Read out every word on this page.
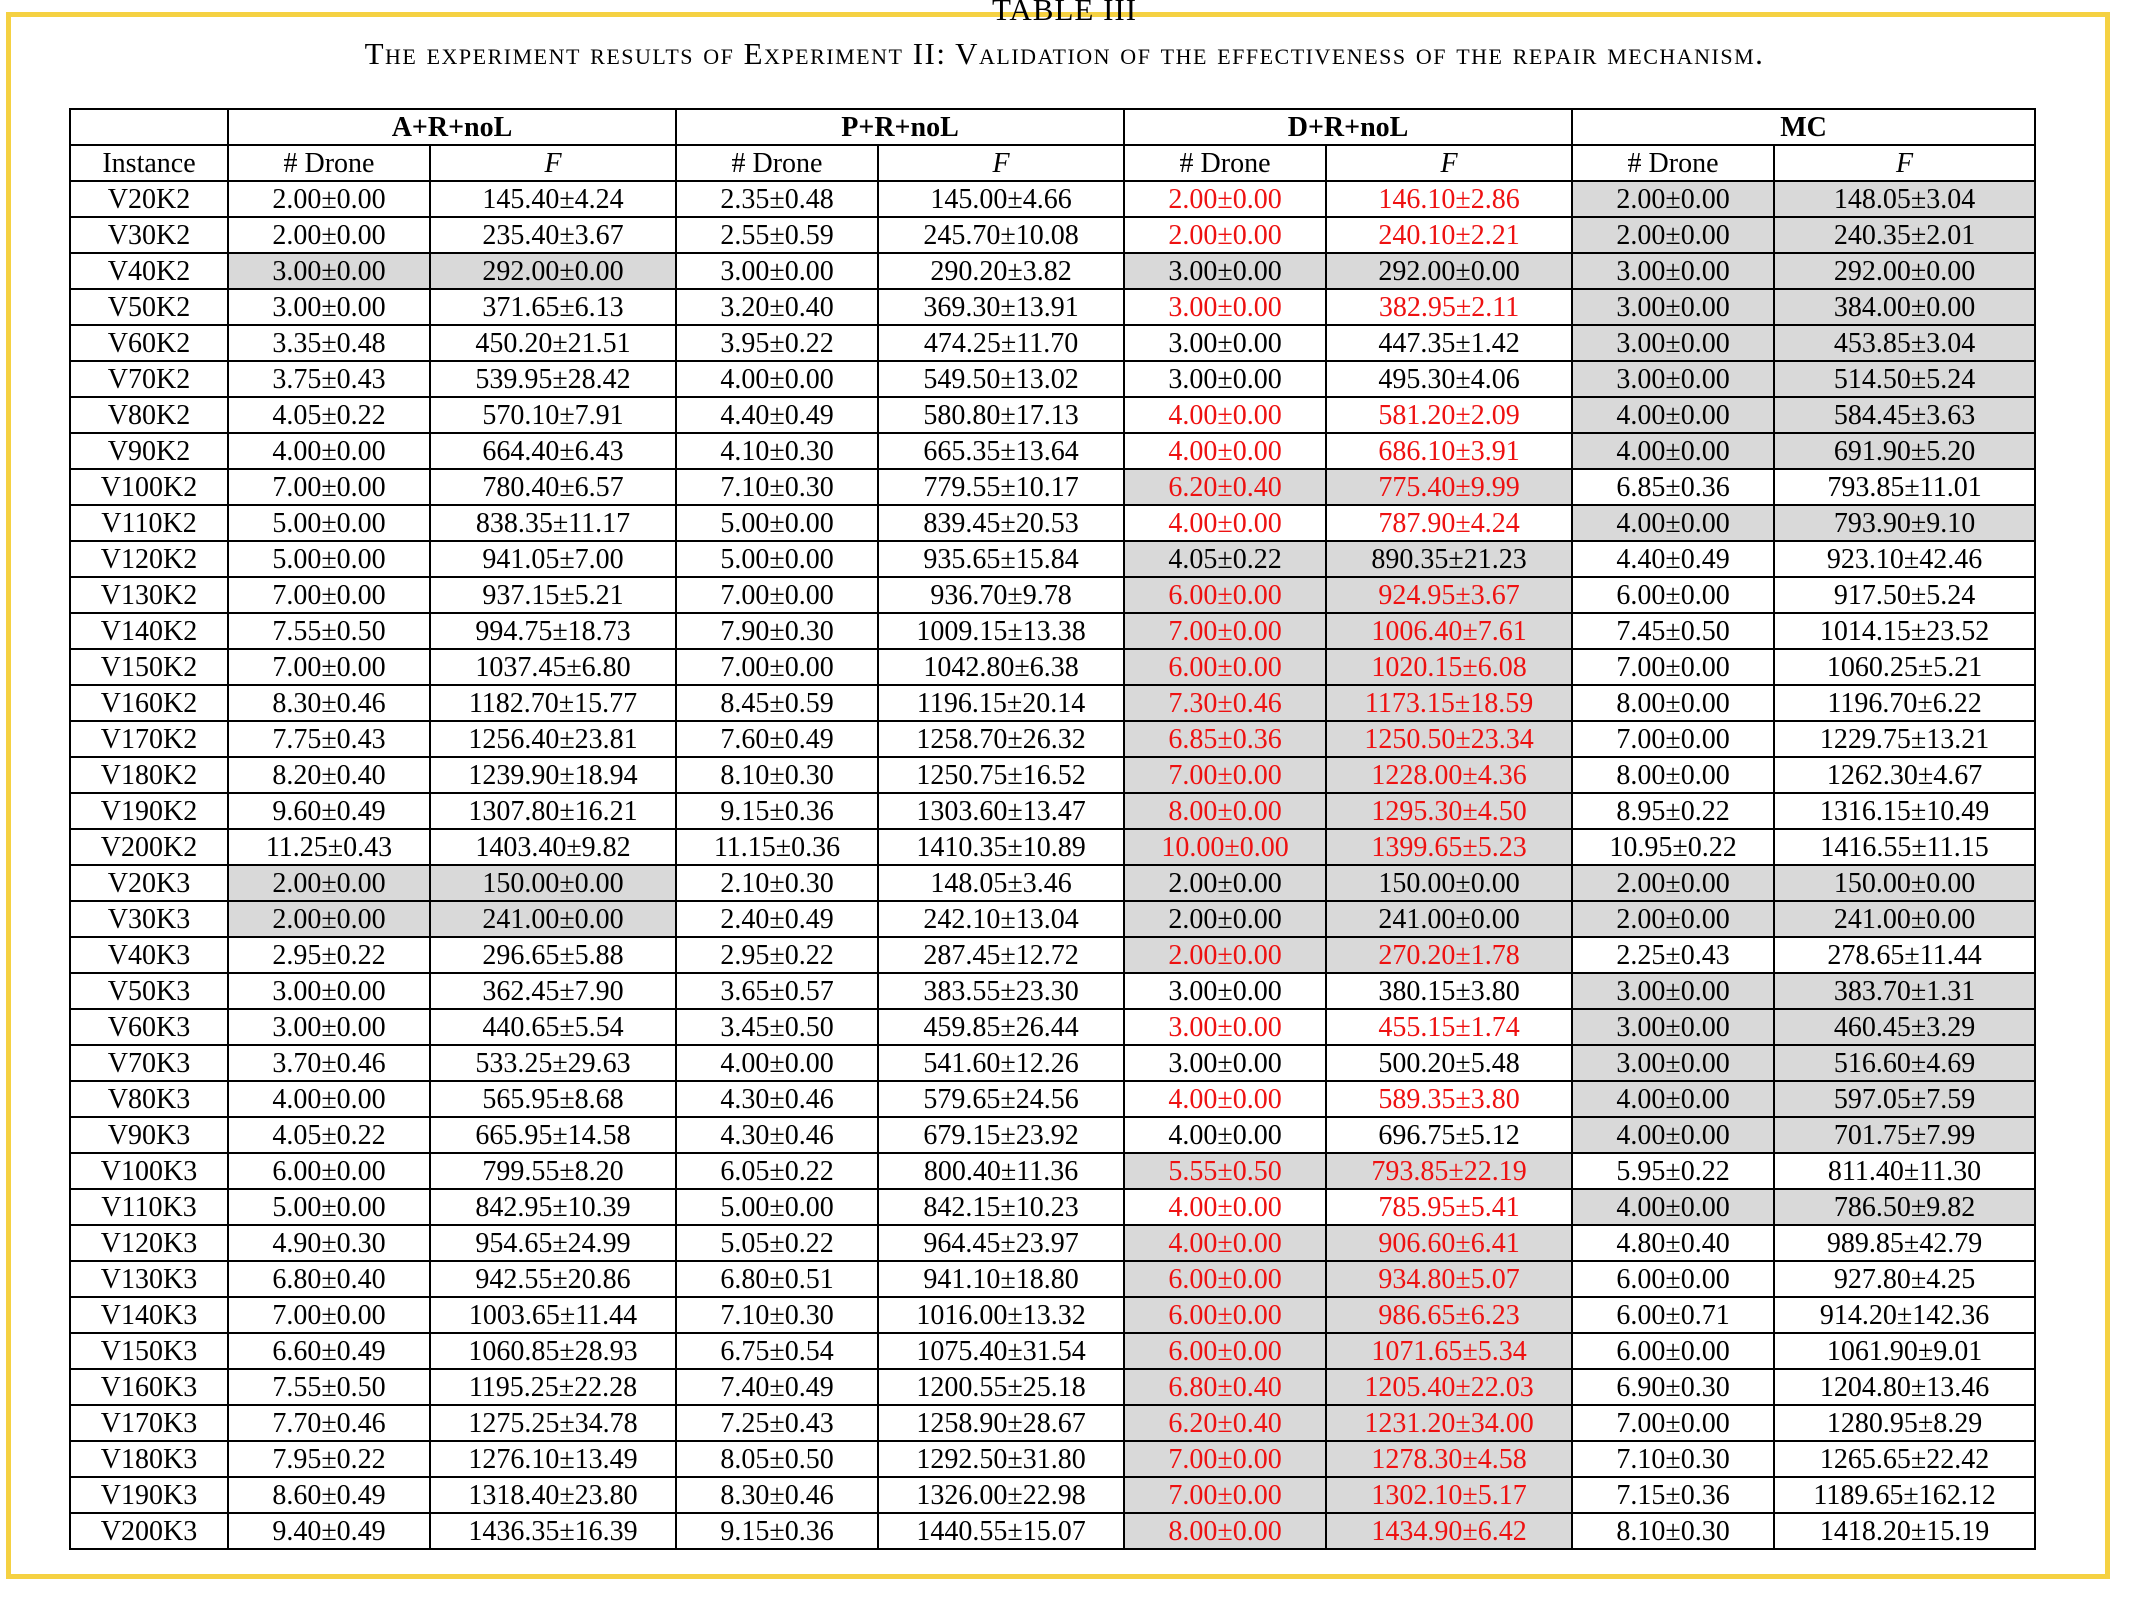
TABLE III
The experiment results of Experiment II: Validation of the effectiveness of the repair mechanism.
	A+R+noL		P+R+noL		D+R+noL		MC	
Instance	# Drone	F	# Drone	F	# Drone	F	# Drone	F
V20K2	2.00±0.00	145.40±4.24	2.35±0.48	145.00±4.66	2.00±0.00	146.10±2.86	2.00±0.00	148.05±3.04
V30K2	2.00±0.00	235.40±3.67	2.55±0.59	245.70±10.08	2.00±0.00	240.10±2.21	2.00±0.00	240.35±2.01
V40K2	3.00±0.00	292.00±0.00	3.00±0.00	290.20±3.82	3.00±0.00	292.00±0.00	3.00±0.00	292.00±0.00
V50K2	3.00±0.00	371.65±6.13	3.20±0.40	369.30±13.91	3.00±0.00	382.95±2.11	3.00±0.00	384.00±0.00
V60K2	3.35±0.48	450.20±21.51	3.95±0.22	474.25±11.70	3.00±0.00	447.35±1.42	3.00±0.00	453.85±3.04
V70K2	3.75±0.43	539.95±28.42	4.00±0.00	549.50±13.02	3.00±0.00	495.30±4.06	3.00±0.00	514.50±5.24
V80K2	4.05±0.22	570.10±7.91	4.40±0.49	580.80±17.13	4.00±0.00	581.20±2.09	4.00±0.00	584.45±3.63
V90K2	4.00±0.00	664.40±6.43	4.10±0.30	665.35±13.64	4.00±0.00	686.10±3.91	4.00±0.00	691.90±5.20
V100K2	7.00±0.00	780.40±6.57	7.10±0.30	779.55±10.17	6.20±0.40	775.40±9.99	6.85±0.36	793.85±11.01
V110K2	5.00±0.00	838.35±11.17	5.00±0.00	839.45±20.53	4.00±0.00	787.90±4.24	4.00±0.00	793.90±9.10
V120K2	5.00±0.00	941.05±7.00	5.00±0.00	935.65±15.84	4.05±0.22	890.35±21.23	4.40±0.49	923.10±42.46
V130K2	7.00±0.00	937.15±5.21	7.00±0.00	936.70±9.78	6.00±0.00	924.95±3.67	6.00±0.00	917.50±5.24
V140K2	7.55±0.50	994.75±18.73	7.90±0.30	1009.15±13.38	7.00±0.00	1006.40±7.61	7.45±0.50	1014.15±23.52
V150K2	7.00±0.00	1037.45±6.80	7.00±0.00	1042.80±6.38	6.00±0.00	1020.15±6.08	7.00±0.00	1060.25±5.21
V160K2	8.30±0.46	1182.70±15.77	8.45±0.59	1196.15±20.14	7.30±0.46	1173.15±18.59	8.00±0.00	1196.70±6.22
V170K2	7.75±0.43	1256.40±23.81	7.60±0.49	1258.70±26.32	6.85±0.36	1250.50±23.34	7.00±0.00	1229.75±13.21
V180K2	8.20±0.40	1239.90±18.94	8.10±0.30	1250.75±16.52	7.00±0.00	1228.00±4.36	8.00±0.00	1262.30±4.67
V190K2	9.60±0.49	1307.80±16.21	9.15±0.36	1303.60±13.47	8.00±0.00	1295.30±4.50	8.95±0.22	1316.15±10.49
V200K2	11.25±0.43	1403.40±9.82	11.15±0.36	1410.35±10.89	10.00±0.00	1399.65±5.23	10.95±0.22	1416.55±11.15
V20K3	2.00±0.00	150.00±0.00	2.10±0.30	148.05±3.46	2.00±0.00	150.00±0.00	2.00±0.00	150.00±0.00
V30K3	2.00±0.00	241.00±0.00	2.40±0.49	242.10±13.04	2.00±0.00	241.00±0.00	2.00±0.00	241.00±0.00
V40K3	2.95±0.22	296.65±5.88	2.95±0.22	287.45±12.72	2.00±0.00	270.20±1.78	2.25±0.43	278.65±11.44
V50K3	3.00±0.00	362.45±7.90	3.65±0.57	383.55±23.30	3.00±0.00	380.15±3.80	3.00±0.00	383.70±1.31
V60K3	3.00±0.00	440.65±5.54	3.45±0.50	459.85±26.44	3.00±0.00	455.15±1.74	3.00±0.00	460.45±3.29
V70K3	3.70±0.46	533.25±29.63	4.00±0.00	541.60±12.26	3.00±0.00	500.20±5.48	3.00±0.00	516.60±4.69
V80K3	4.00±0.00	565.95±8.68	4.30±0.46	579.65±24.56	4.00±0.00	589.35±3.80	4.00±0.00	597.05±7.59
V90K3	4.05±0.22	665.95±14.58	4.30±0.46	679.15±23.92	4.00±0.00	696.75±5.12	4.00±0.00	701.75±7.99
V100K3	6.00±0.00	799.55±8.20	6.05±0.22	800.40±11.36	5.55±0.50	793.85±22.19	5.95±0.22	811.40±11.30
V110K3	5.00±0.00	842.95±10.39	5.00±0.00	842.15±10.23	4.00±0.00	785.95±5.41	4.00±0.00	786.50±9.82
V120K3	4.90±0.30	954.65±24.99	5.05±0.22	964.45±23.97	4.00±0.00	906.60±6.41	4.80±0.40	989.85±42.79
V130K3	6.80±0.40	942.55±20.86	6.80±0.51	941.10±18.80	6.00±0.00	934.80±5.07	6.00±0.00	927.80±4.25
V140K3	7.00±0.00	1003.65±11.44	7.10±0.30	1016.00±13.32	6.00±0.00	986.65±6.23	6.00±0.71	914.20±142.36
V150K3	6.60±0.49	1060.85±28.93	6.75±0.54	1075.40±31.54	6.00±0.00	1071.65±5.34	6.00±0.00	1061.90±9.01
V160K3	7.55±0.50	1195.25±22.28	7.40±0.49	1200.55±25.18	6.80±0.40	1205.40±22.03	6.90±0.30	1204.80±13.46
V170K3	7.70±0.46	1275.25±34.78	7.25±0.43	1258.90±28.67	6.20±0.40	1231.20±34.00	7.00±0.00	1280.95±8.29
V180K3	7.95±0.22	1276.10±13.49	8.05±0.50	1292.50±31.80	7.00±0.00	1278.30±4.58	7.10±0.30	1265.65±22.42
V190K3	8.60±0.49	1318.40±23.80	8.30±0.46	1326.00±22.98	7.00±0.00	1302.10±5.17	7.15±0.36	1189.65±162.12
V200K3	9.40±0.49	1436.35±16.39	9.15±0.36	1440.55±15.07	8.00±0.00	1434.90±6.42	8.10±0.30	1418.20±15.19
